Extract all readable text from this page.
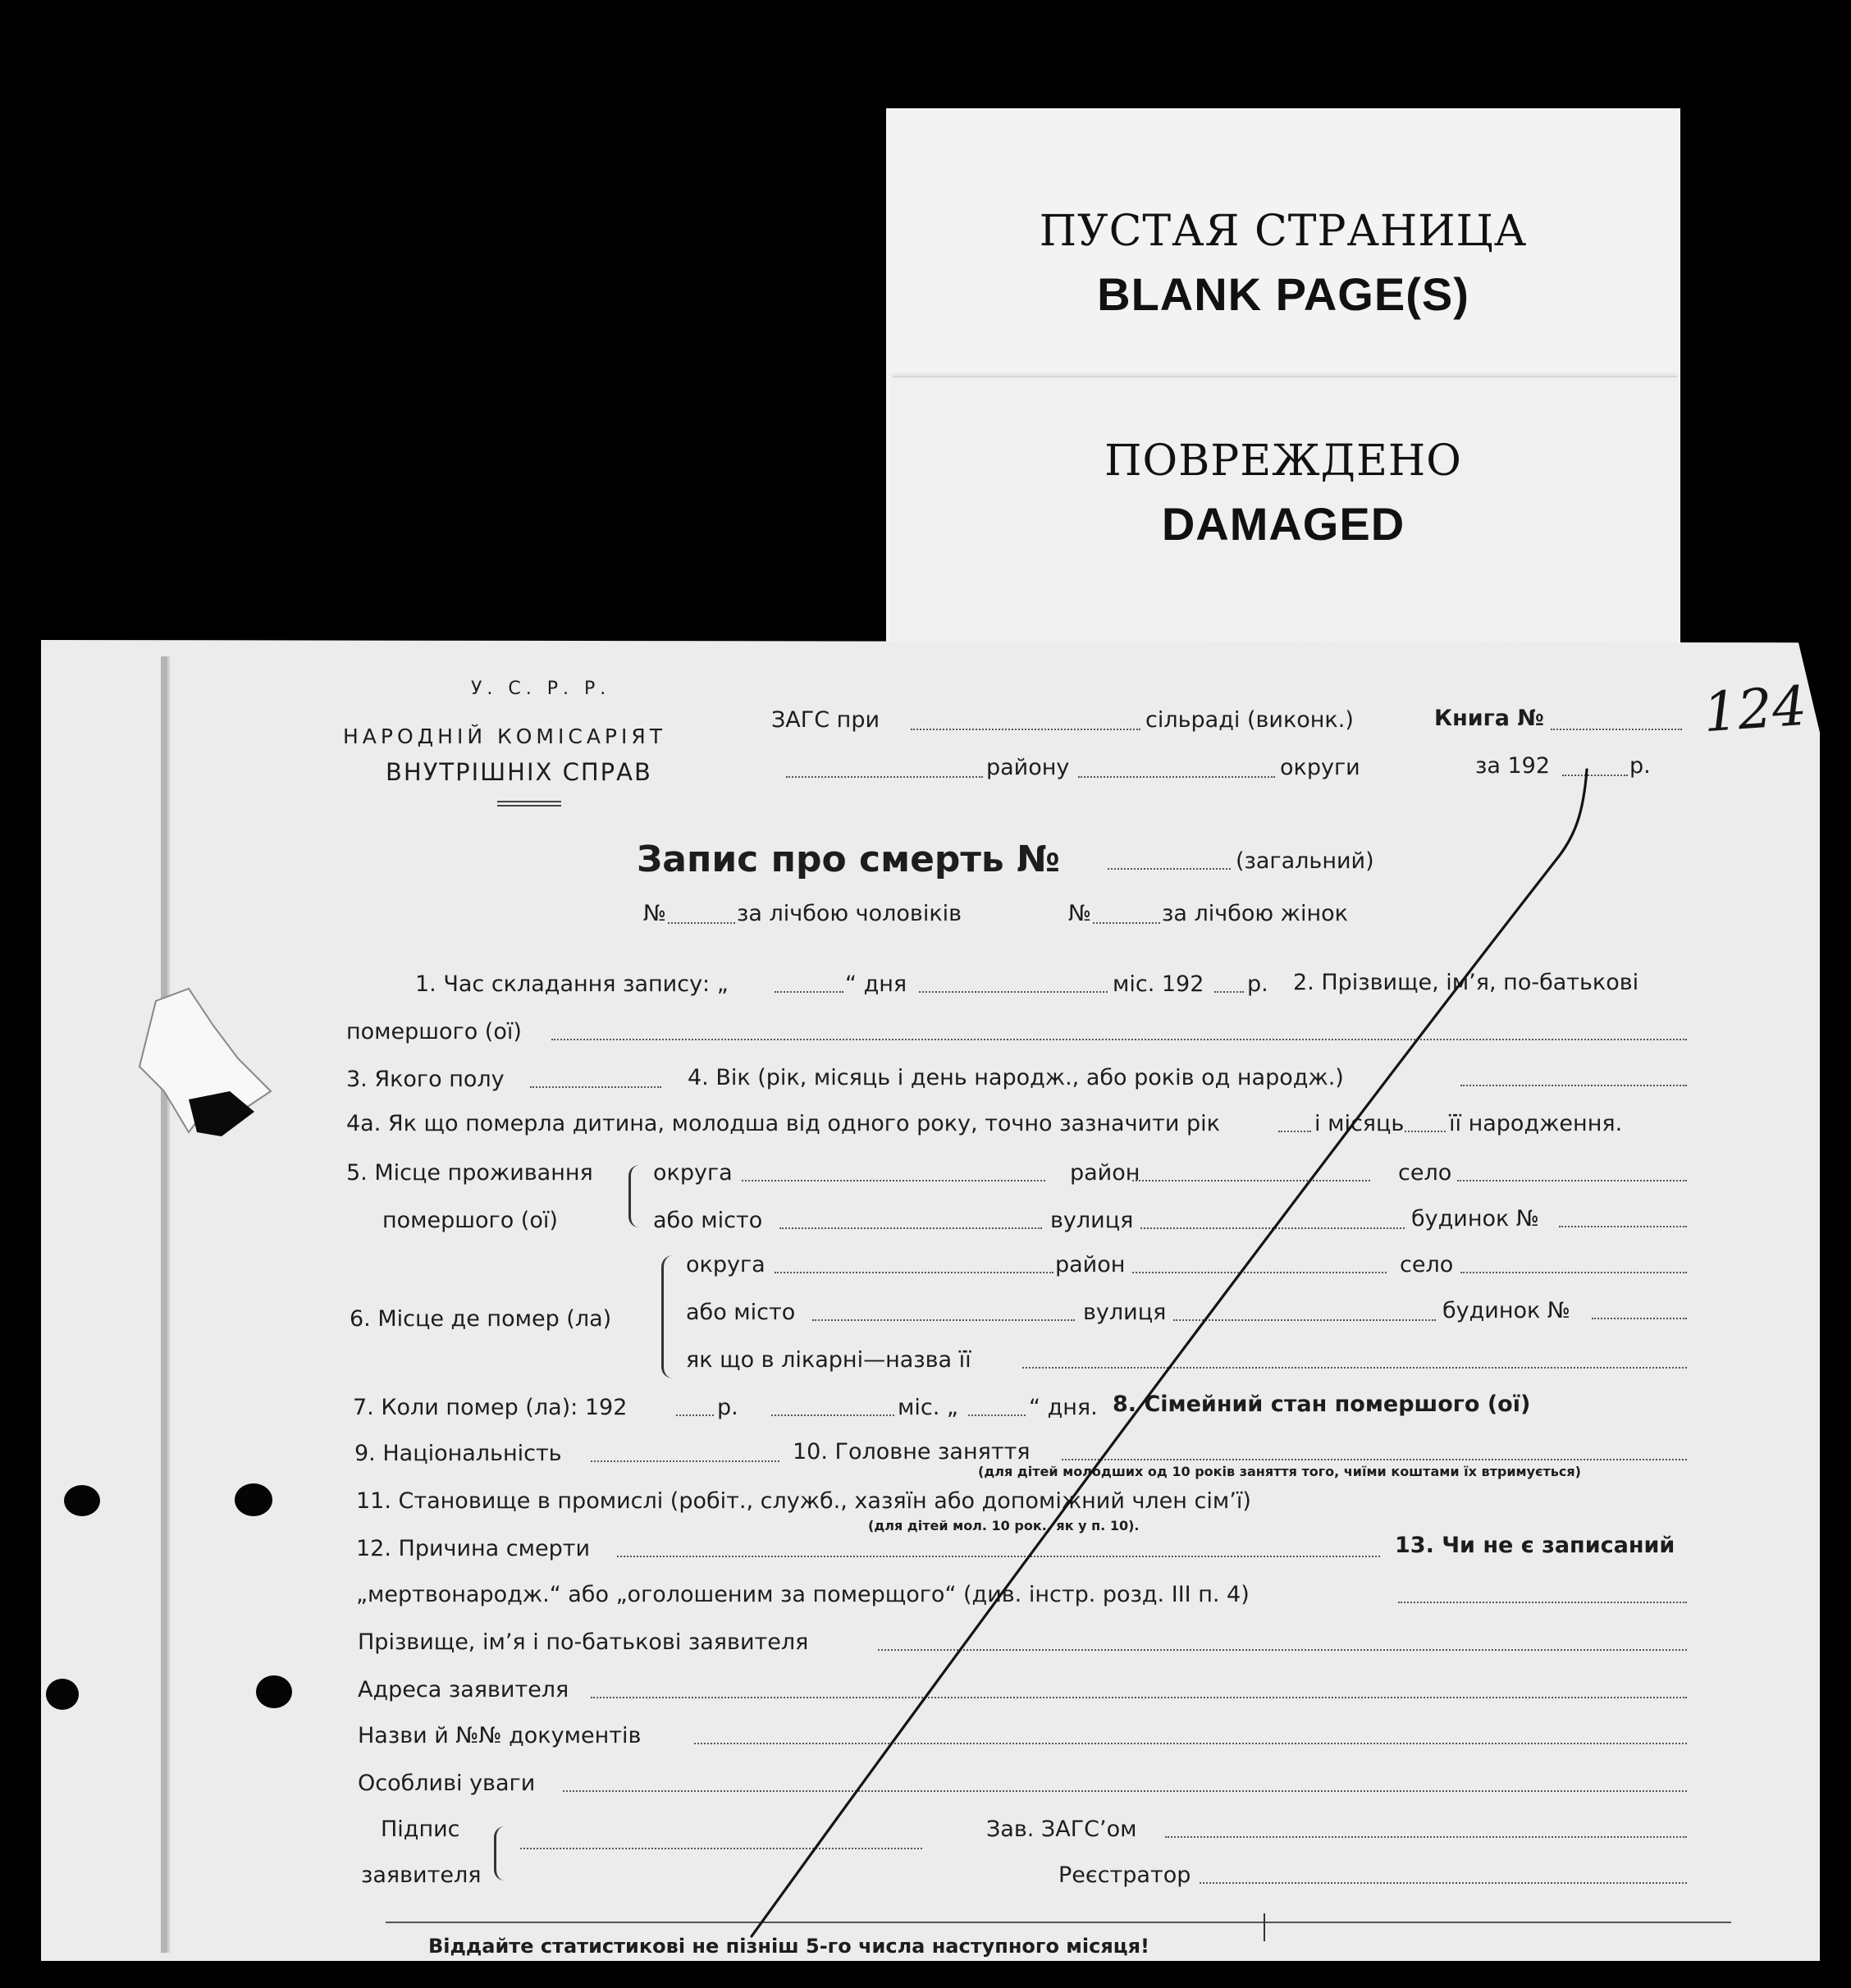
ПУСТАЯ СТРАНИЦА
BLANK PAGE(S)
ПОВРЕЖДЕНО
DAMAGED
У. С. Р. Р.
НАРОДНІЙ КОМІСАРІЯТ
ВНУТРІШНІХ СПРАВ
ЗАГС при	сільраді (виконк.)	Книга №	124
району	округи	за 192	р.
Запис про смерть №	(загальний)
№	за лічбою чоловіків	№	за лічбою жінок
1. Час складання запису: „	“ дня	міс. 192 р. 2. Прізвище, ім’я, по-батькові
помершого (ої)
3. Якого полу	4. Вік (рік, місяць і день народж., або років од народж.)
4а. Як що померла дитина, молодша від одного року, точно зазначити рік	і місяць її народження.
5. Місце проживання
помершого (ої)
округа	район	село
або місто	вулиця	будинок №
6. Місце де помер (ла)
округа	район	село
або місто	вулиця	будинок №
як що в лікарні—назва її
7. Коли помер (ла): 192	р.	міс. „	“ дня. 8. Сімейний стан помершого (ої)
9. Національність	10. Головне заняття
(для дітей молодших од 10 років заняття того, чиїми коштами їх втримується)
11. Становище в промислі (робіт., служб., хазяїн або допоміжний член сім’ї)
(для дітей мол. 10 рок., як у п. 10).
12. Причина смерти	13. Чи не є записаний
„мертвонародж.“ або „оголошеним за померщого“ (див. інстр. розд. III п. 4)
Прізвище, ім’я і по-батькові заявителя
Адреса заявителя
Назви й №№ документів
Особливі уваги
Підпис
заявителя
Зав. ЗАГС’ом
Реєстратор
Віддайте статистикові не пізніш 5-го числа наступного місяця!
